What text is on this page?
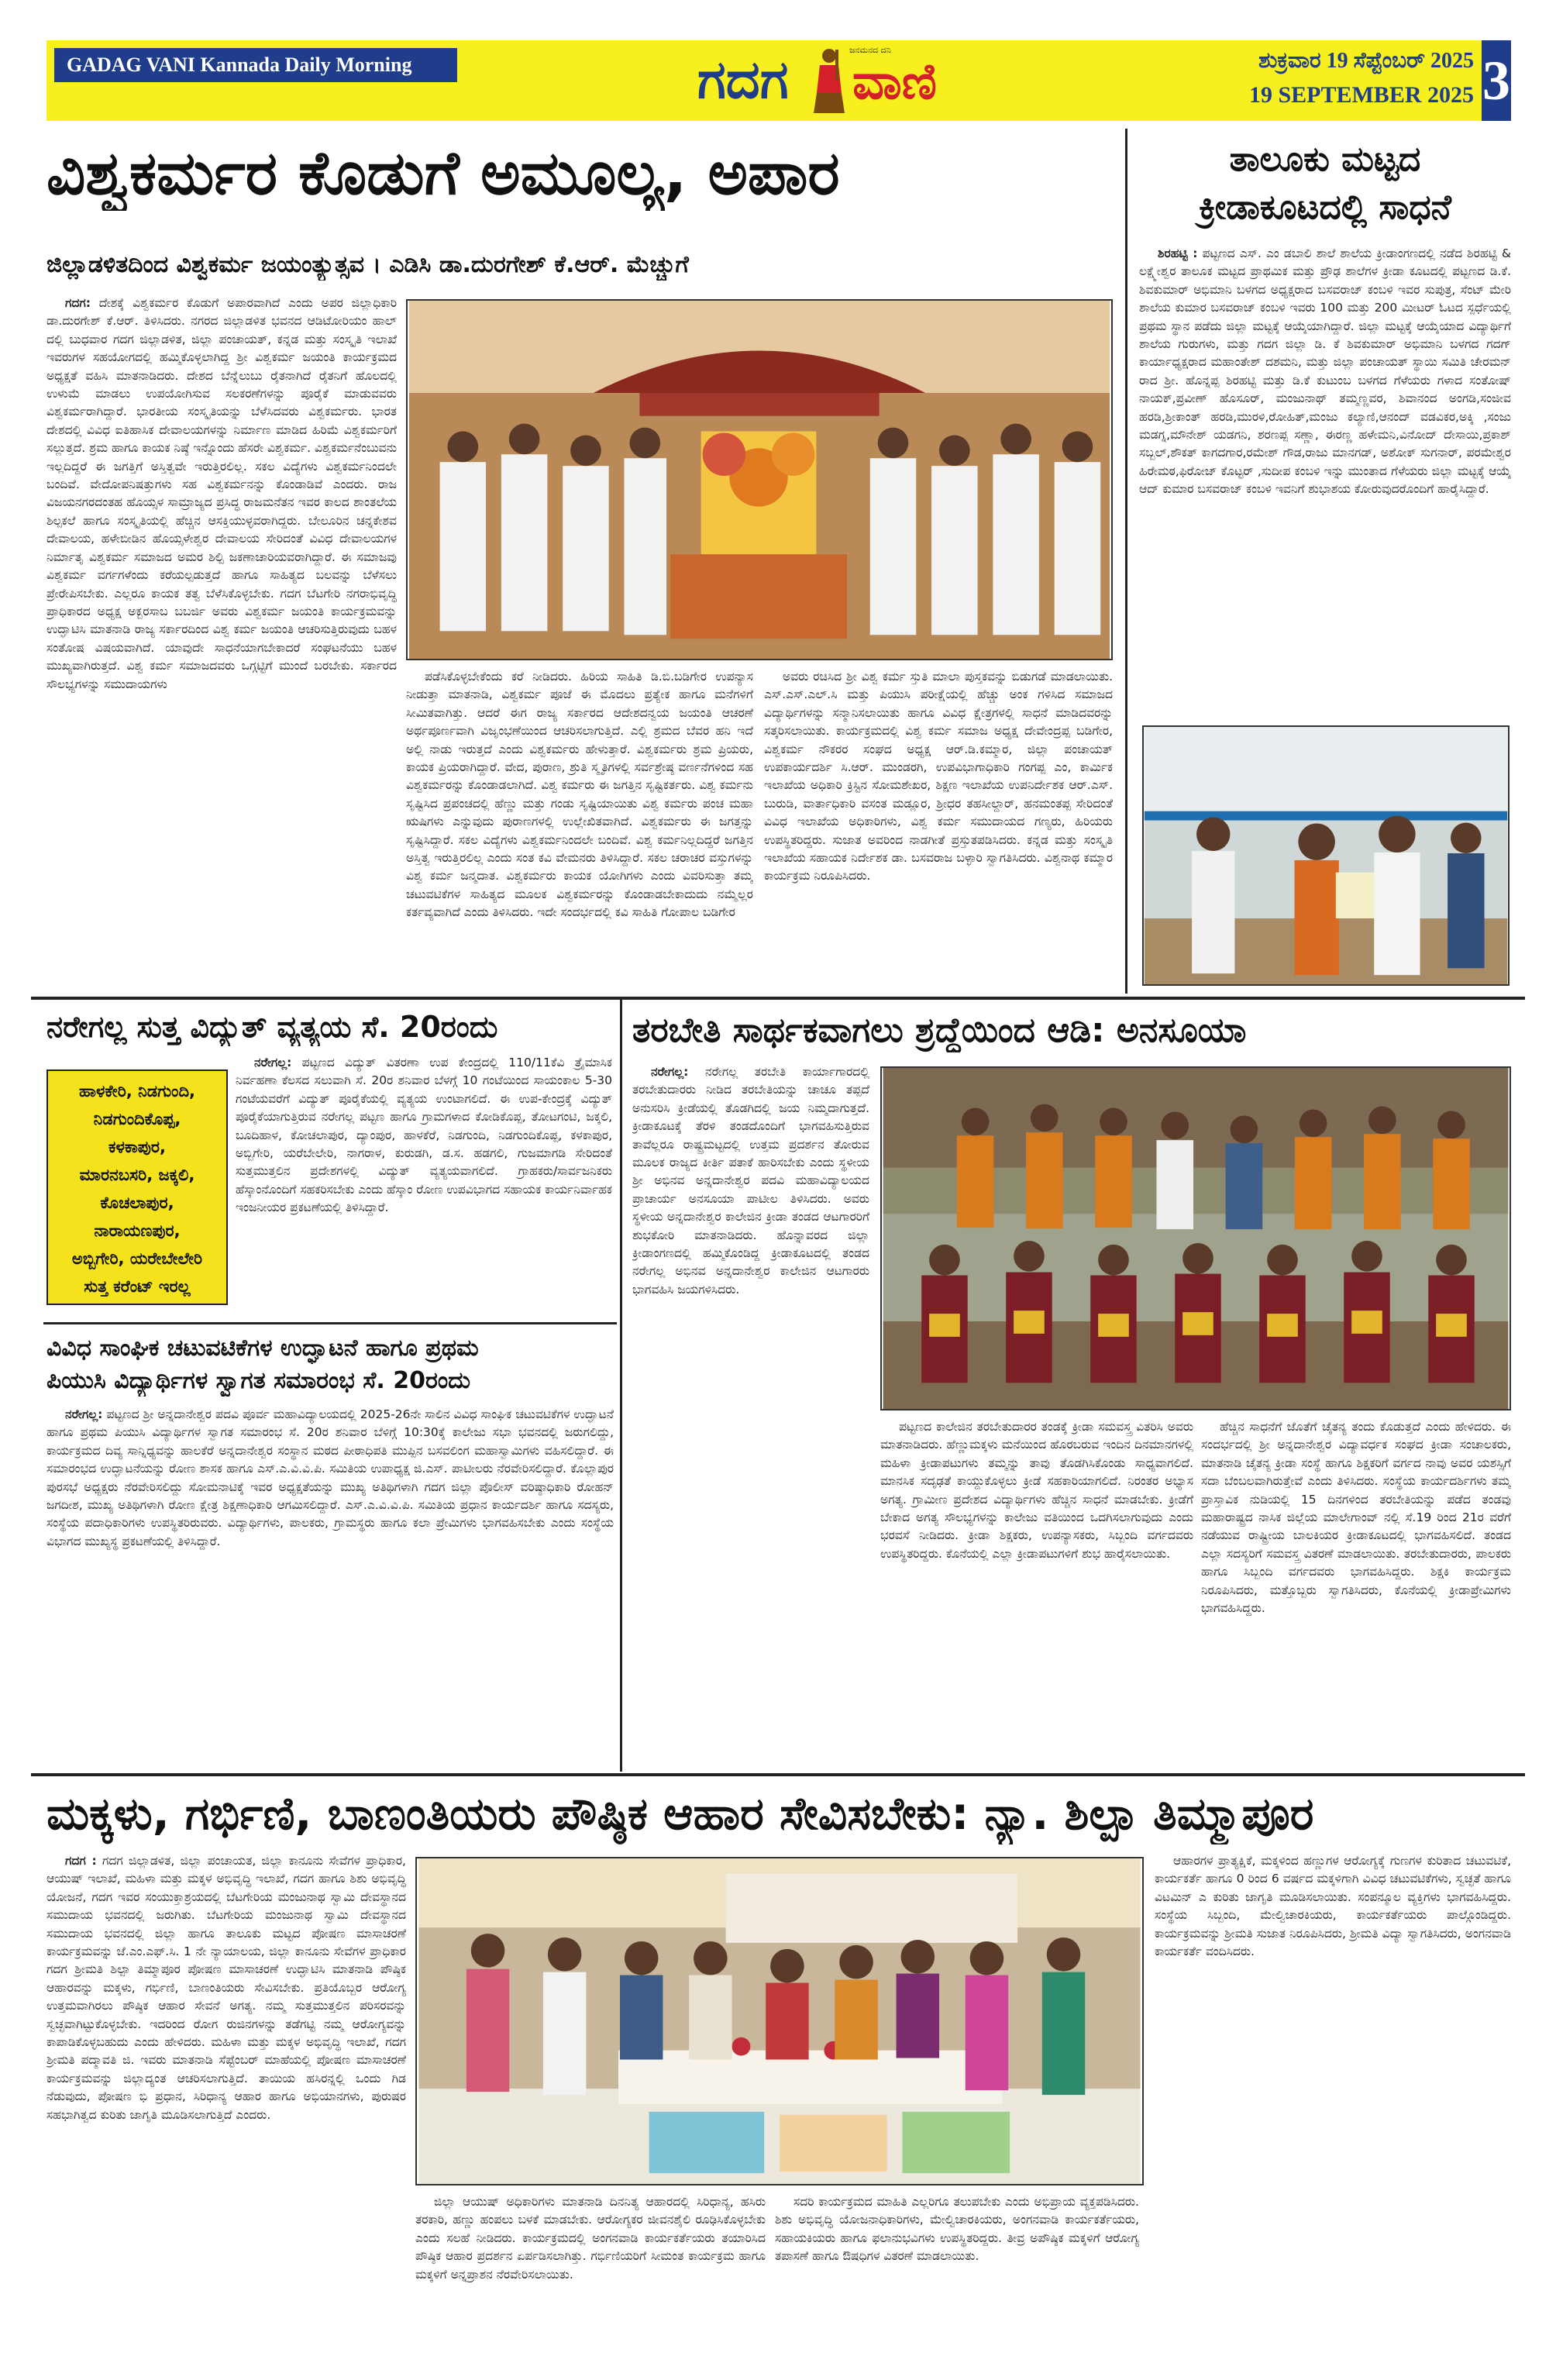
GADAG VANI Kannada Daily Morning	ಗದಗ	ಜನಮನದ ದನಿ
ವಾಣಿ	ಶುಕ್ರವಾರ 19 ಸೆಪ್ಟೆಂಬರ್ 2025
19 SEPTEMBER 2025 3
ವಿಶ್ವಕರ್ಮರ ಕೊಡುಗೆ ಅಮೂಲ್ಯ, ಅಪಾರ
ಜಿಲ್ಲಾಡಳಿತದಿಂದ ವಿಶ್ವಕರ್ಮ ಜಯಂತ್ಯುತ್ಸವ । ಎಡಿಸಿ ಡಾ.ದುರಗೇಶ್ ಕೆ.ಆರ್. ಮೆಚ್ಚುಗೆ

ಗದಗ: ದೇಶಕ್ಕೆ ವಿಶ್ವಕರ್ಮರ ಕೊಡುಗೆ ಅಪಾರವಾಗಿದೆ ಎಂದು ಅಪರ ಜಿಲ್ಲಾಧಿಕಾರಿ ಡಾ.ದುರಗೇಶ್ ಕೆ.ಆರ್. ತಿಳಿಸಿದರು. ನಗರದ ಜಿಲ್ಲಾಡಳಿತ ಭವನದ ಆಡಿಟೋರಿಯಂ ಹಾಲ್ ದಲ್ಲಿ ಬುಧವಾರ ಗದಗ ಜಿಲ್ಲಾಡಳಿತ, ಜಿಲ್ಲಾ ಪಂಚಾಯತ್, ಕನ್ನಡ ಮತ್ತು ಸಂಸ್ಕೃತಿ ಇಲಾಖೆ ಇವರುಗಳ ಸಹಯೋಗದಲ್ಲಿ ಹಮ್ಮಿಕೊಳ್ಳಲಾಗಿದ್ದ ಶ್ರೀ ವಿಶ್ವಕರ್ಮ ಜಯಂತಿ ಕಾರ್ಯಕ್ರಮದ ಅಧ್ಯಕ್ಷತೆ ವಹಿಸಿ ಮಾತನಾಡಿದರು. ದೇಶದ ಬೆನ್ನೆಲುಬು ರೈತನಾಗಿದೆ ರೈತನಿಗೆ ಹೊಲದಲ್ಲಿ ಉಳುಮೆ ಮಾಡಲು ಉಪಯೋಗಿಸುವ ಸಲಕರಣೆಗಳನ್ನು ಪೂರೈಕೆ ಮಾಡುವವರು ವಿಶ್ವಕರ್ಮರಾಗಿದ್ದಾರೆ. ಭಾರತೀಯ ಸಂಸ್ಕೃತಿಯನ್ನು ಬೆಳೆಸಿದವರು ವಿಶ್ವಕರ್ಮರು. ಭಾರತ ದೇಶದಲ್ಲಿ ವಿವಿಧ ಐತಿಹಾಸಿಕ ದೇವಾಲಯಗಳನ್ನು ನಿರ್ಮಾಣ ಮಾಡಿದ ಹಿರಿಮೆ ವಿಶ್ವಕರ್ಮರಿಗೆ ಸಲ್ಲುತ್ತದೆ. ಶ್ರಮ ಹಾಗೂ ಕಾಯಕ ನಿಷ್ಠೆ ಇನ್ನೊಂದು ಹೆಸರೇ ವಿಶ್ವಕರ್ಮ. ವಿಶ್ವಕರ್ಮನೆಂಬುವನು ಇಲ್ಲದಿದ್ದರೆ ಈ ಜಗತ್ತಿಗೆ ಅಸ್ತಿತ್ವವೇ ಇರುತ್ತಿರಲಿಲ್ಲ. ಸಕಲ ವಿದ್ಯೆಗಳು ವಿಶ್ವಕರ್ಮನಿಂದಲೇ ಬಂದಿವೆ. ವೇದೋಪನಿಷತ್ತುಗಳು ಸಹ ವಿಶ್ವಕರ್ಮನನ್ನು ಕೊಂಡಾಡಿವೆ ಎಂದರು. ರಾಜ ವಿಜಯನಗರದಂತಹ ಹೊಯ್ಸಳ ಸಾಮ್ರಾಜ್ಯದ ಪ್ರಸಿದ್ಧ ರಾಜಮನೆತನ ಇವರ ಕಾಲದ ಶಾಂತಲೆಯ ಶಿಲ್ಪಕಲೆ ಹಾಗೂ ಸಂಸ್ಕೃತಿಯಲ್ಲಿ ಹೆಚ್ಚಿನ ಆಸಕ್ತಿಯುಳ್ಳವರಾಗಿದ್ದರು. ಬೇಲೂರಿನ ಚನ್ನಕೇಶವ ದೇವಾಲಯ, ಹಳೇಬೀಡಿನ ಹೊಯ್ಸಳೇಶ್ವರ ದೇವಾಲಯ ಸೇರಿದಂತೆ ವಿವಿಧ ದೇವಾಲಯಗಳ ನಿರ್ಮಾತೃ ವಿಶ್ವಕರ್ಮ ಸಮಾಜದ ಅಮರ ಶಿಲ್ಪಿ ಜಕಣಾಚಾರಿಯವರಾಗಿದ್ದಾರೆ. ಈ ಸಮಾಜವು ವಿಶ್ವಕರ್ಮ ವರ್ಗಗಳೆಂದು ಕರೆಯಲ್ಪಡುತ್ತದೆ ಹಾಗೂ ಸಾಹಿತ್ಯದ ಬಲವನ್ನು ಬೆಳೆಸಲು ಪ್ರೇರೇಪಿಸಬೇಕು. ಎಲ್ಲರೂ ಕಾಯಕ ತತ್ವ ಬೆಳೆಸಿಕೊಳ್ಳಬೇಕು. ಗದಗ ಬೆಟಗೇರಿ ನಗರಾಭಿವೃದ್ಧಿ ಪ್ರಾಧಿಕಾರದ ಅಧ್ಯಕ್ಷ ಅಕ್ಬರಸಾಬ ಬಬರ್ಜಿ ಅವರು ವಿಶ್ವಕರ್ಮ ಜಯಂತಿ ಕಾರ್ಯಕ್ರಮವನ್ನು ಉದ್ಘಾಟಿಸಿ ಮಾತನಾಡಿ ರಾಜ್ಯ ಸರ್ಕಾರದಿಂದ ವಿಶ್ವ ಕರ್ಮ ಜಯಂತಿ ಆಚರಿಸುತ್ತಿರುವುದು ಬಹಳ ಸಂತೋಷ ವಿಷಯವಾಗಿದೆ. ಯಾವುದೇ ಸಾಧನೆಯಾಗಬೇಕಾದರೆ ಸಂಘಟನೆಯು ಬಹಳ ಮುಖ್ಯವಾಗಿರುತ್ತದೆ. ವಿಶ್ವ ಕರ್ಮ ಸಮಾಜದವರು ಒಗ್ಗಟ್ಟಿಗೆ ಮುಂದೆ ಬರಬೇಕು. ಸರ್ಕಾರದ ಸೌಲಭ್ಯಗಳನ್ನು ಸಮುದಾಯಗಳು

ಪಡೆಸಿಕೊಳ್ಳಬೇಕೆಂದು ಕರೆ ನೀಡಿದರು. ಹಿರಿಯ ಸಾಹಿತಿ ಡಿ.ಬಿ.ಬಡಿಗೇರ ಉಪನ್ಯಾಸ ನೀಡುತ್ತಾ ಮಾತನಾಡಿ, ವಿಶ್ವಕರ್ಮ ಪೂಜೆ ಈ ಮೊದಲು ಪ್ರತ್ಯೇಕ ಹಾಗೂ ಮನೆಗಳಿಗೆ ಸೀಮಿತವಾಗಿತ್ತು. ಆದರೆ ಈಗ ರಾಜ್ಯ ಸರ್ಕಾರದ ಆದೇಶದನ್ವಯ ಜಯಂತಿ ಆಚರಣೆ ಅರ್ಥಪೂರ್ಣವಾಗಿ ವಿಜೃಂಭಣೆಯಿಂದ ಆಚರಿಸಲಾಗುತ್ತಿದೆ. ಎಲ್ಲಿ ಶ್ರಮದ ಬೆವರ ಹನಿ ಇದೆ ಅಲ್ಲಿ ನಾಡು ಇರುತ್ತದೆ ಎಂದು ವಿಶ್ವಕರ್ಮರು ಹೇಳುತ್ತಾರೆ. ವಿಶ್ವಕರ್ಮರು ಶ್ರಮ ಪ್ರಿಯರು, ಕಾಯಕ ಪ್ರಿಯರಾಗಿದ್ದಾರೆ. ವೇದ, ಪುರಾಣ, ಶ್ರುತಿ ಸ್ಮೃತಿಗಳಲ್ಲಿ ಸರ್ವಶ್ರೇಷ್ಠ ವರ್ಣನೆಗಳಿಂದ ಸಹ ವಿಶ್ವಕರ್ಮರನ್ನು ಕೊಂಡಾಡಲಾಗಿದೆ. ವಿಶ್ವ ಕರ್ಮರು ಈ ಜಗತ್ತಿನ ಸೃಷ್ಟಿಕರ್ತರು. ವಿಶ್ವ ಕರ್ಮನು ಸೃಷ್ಟಿಸಿದ ಪ್ರಪಂಚದಲ್ಲಿ ಹೆಣ್ಣು ಮತ್ತು ಗಂಡು ಸೃಷ್ಟಿಯಾಯಿತು ವಿಶ್ವ ಕರ್ಮರು ಪಂಚ ಮಹಾ ಋಷಿಗಳು ಎನ್ನುವುದು ಪುರಾಣಗಳಲ್ಲಿ ಉಲ್ಲೇಖಿತವಾಗಿದೆ. ವಿಶ್ವಕರ್ಮರು ಈ ಜಗತ್ತನ್ನು ಸೃಷ್ಟಿಸಿದ್ದಾರೆ. ಸಕಲ ವಿದ್ಯೆಗಳು ವಿಶ್ವಕರ್ಮನಿಂದಲೇ ಬಂದಿವೆ. ವಿಶ್ವ ಕರ್ಮನಿಲ್ಲದಿದ್ದರೆ ಜಗತ್ತಿನ ಅಸ್ತಿತ್ವ ಇರುತ್ತಿರಲಿಲ್ಲ ಎಂದು ಸಂತ ಕವಿ ವೇಮನರು ತಿಳಿಸಿದ್ದಾರೆ. ಸಕಲ ಚರಾಚರ ವಸ್ತುಗಳನ್ನು ವಿಶ್ವ ಕರ್ಮ ಜನ್ಮದಾತ. ವಿಶ್ವಕರ್ಮರು ಕಾಯಕ ಯೋಗಿಗಳು ಎಂದು ವಿವರಿಸುತ್ತಾ ತಮ್ಮ ಚಟುವಟಿಕೆಗಳ ಸಾಹಿತ್ಯದ ಮೂಲಕ ವಿಶ್ವಕರ್ಮರನ್ನು ಕೊಂಡಾಡಬೇಕಾದುದು ನಮ್ಮೆಲ್ಲರ ಕರ್ತವ್ಯವಾಗಿದೆ ಎಂದು ತಿಳಿಸಿದರು. ಇದೇ ಸಂದರ್ಭದಲ್ಲಿ ಕವಿ ಸಾಹಿತಿ ಗೋಪಾಲ ಬಡಿಗೇರ

ಅವರು ರಚಿಸಿದ ಶ್ರೀ ವಿಶ್ವ ಕರ್ಮ ಸ್ತುತಿ ಮಾಲಾ ಪುಸ್ತಕವನ್ನು ಬಿಡುಗಡೆ ಮಾಡಲಾಯಿತು. ಎಸ್.ಎಸ್.ಎಲ್.ಸಿ ಮತ್ತು ಪಿಯುಸಿ ಪರೀಕ್ಷೆಯಲ್ಲಿ ಹೆಚ್ಚು ಅಂಕ ಗಳಿಸಿದ ಸಮಾಜದ ವಿದ್ಯಾರ್ಥಿಗಳನ್ನು ಸನ್ಮಾನಿಸಲಾಯಿತು ಹಾಗೂ ವಿವಿಧ ಕ್ಷೇತ್ರಗಳಲ್ಲಿ ಸಾಧನೆ ಮಾಡಿದವರನ್ನು ಸತ್ಕರಿಸಲಾಯಿತು. ಕಾರ್ಯಕ್ರಮದಲ್ಲಿ ವಿಶ್ವ ಕರ್ಮ ಸಮಾಜ ಅಧ್ಯಕ್ಷ ದೇವೇಂದ್ರಪ್ಪ ಬಡಿಗೇರ, ವಿಶ್ವಕರ್ಮ ನೌಕರರ ಸಂಘದ ಅಧ್ಯಕ್ಷ ಆರ್.ಡಿ.ಕಮ್ಮಾರ, ಜಿಲ್ಲಾ ಪಂಚಾಯತ್ ಉಪಕಾರ್ಯದರ್ಶಿ ಸಿ.ಆರ್. ಮುಂಡರಗಿ, ಉಪವಿಭಾಗಾಧಿಕಾರಿ ಗಂಗಪ್ಪ ಎಂ, ಕಾರ್ಮಿಕ ಇಲಾಖೆಯ ಅಧಿಕಾರಿ ಕ್ರಿಸ್ಟಿನ ಸೋಮಶೇಖರ, ಶಿಕ್ಷಣ ಇಲಾಖೆಯ ಉಪನಿರ್ದೇಶಕ ಆರ್.ಎಸ್. ಬುರುಡಿ, ವಾರ್ತಾಧಿಕಾರಿ ವಸಂತ ಮಡ್ಲೂರ, ಶ್ರೀಧರ ತಹಸೀಲ್ದಾರ್, ಹನಮಂತಪ್ಪ ಸೇರಿದಂತೆ ವಿವಿಧ ಇಲಾಖೆಯ ಅಧಿಕಾರಿಗಳು, ವಿಶ್ವ ಕರ್ಮ ಸಮುದಾಯದ ಗಣ್ಯರು, ಹಿರಿಯರು ಉಪಸ್ಥಿತರಿದ್ದರು. ಸುಜಾತ ಅವರಿಂದ ನಾಡಗೀತೆ ಪ್ರಸ್ತುತಪಡಿಸಿದರು. ಕನ್ನಡ ಮತ್ತು ಸಂಸ್ಕೃತಿ ಇಲಾಖೆಯ ಸಹಾಯಕ ನಿರ್ದೇಶಕ ಡಾ. ಬಸವರಾಜ ಬಳ್ಳಾರಿ ಸ್ವಾಗತಿಸಿದರು. ವಿಶ್ವನಾಥ ಕಮ್ಮಾರ ಕಾರ್ಯಕ್ರಮ ನಿರೂಪಿಸಿದರು.

ತಾಲೂಕು ಮಟ್ಟದ
ಕ್ರೀಡಾಕೂಟದಲ್ಲಿ ಸಾಧನೆ

ಶಿರಹಟ್ಟಿ : ಪಟ್ಟಣದ ಎಸ್. ಎಂ ಡಬಾಲಿ ಶಾಲೆ ಶಾಲೆಯ ಕ್ರೀಡಾಂಗಣದಲ್ಲಿ ನಡೆದ ಶಿರಹಟ್ಟಿ & ಲಕ್ಷ್ಮೇಶ್ವರ ತಾಲೂಕ ಮಟ್ಟದ ಪ್ರಾಥಮಿಕ ಮತ್ತು ಪ್ರೌಢ ಶಾಲೆಗಳ ಕ್ರೀಡಾ ಕೂಟದಲ್ಲಿ ಪಟ್ಟಣದ ಡಿ.ಕೆ. ಶಿವಕುಮಾರ್ ಅಭಿಮಾನಿ ಬಳಗದ ಅಧ್ಯಕ್ಷರಾದ ಬಸವರಾಜ್ ಕಂಬಳಿ ಇವರ ಸುಪುತ್ರ, ಸೆಂಟ್ ಮೇರಿ ಶಾಲೆಯ ಕುಮಾರ ಬಸವರಾಜ್ ಕಂಬಳಿ ಇವರು 100 ಮತ್ತು 200 ಮೀಟರ್ ಓಟದ ಸ್ಪರ್ಧೆಯಲ್ಲಿ ಪ್ರಥಮ ಸ್ಥಾನ ಪಡೆದು ಜಿಲ್ಲಾ ಮಟ್ಟಕ್ಕೆ ಆಯ್ಕೆಯಾಗಿದ್ದಾರೆ. ಜಿಲ್ಲಾ ಮಟ್ಟಕ್ಕೆ ಆಯ್ಕೆಯಾದ ವಿದ್ಯಾರ್ಥಿಗೆ ಶಾಲೆಯ ಗುರುಗಳು, ಮತ್ತು ಗದಗ ಜಿಲ್ಲಾ ಡಿ. ಕೆ ಶಿವಕುಮಾರ್ ಅಭಿಮಾನಿ ಬಳಗದ ಗದಗ್ ಕಾರ್ಯಾಧ್ಯಕ್ಷರಾದ ಮಹಾಂತೇಶ್ ದಶಮನಿ, ಮತ್ತು ಜಿಲ್ಲಾ ಪಂಚಾಯತ್ ಸ್ಥಾಯಿ ಸಮಿತಿ ಚೇರಮನ್ ರಾದ ಶ್ರೀ. ಹೊನ್ನಪ್ಪ ಶಿರಹಟ್ಟಿ ಮತ್ತು ಡಿ.ಕೆ ಕುಟುಂಬ ಬಳಗದ ಗೆಳೆಯರು ಗಳಾದ ಸಂತೋಷ್ ನಾಯಕ್,ಪ್ರವೀಣ್ ಹೊಸೂರ್, ಮಂಜುನಾಥ್ ತಮ್ಮಣ್ಣವರ, ಶಿವಾನಂದ ಅಂಗಡಿ,ಸಂಜೀವ ಹರಡಿ,ಶ್ರೀಕಾಂತ್ ಹರಡಿ,ಮುರಳಿ,ರೋಹಿತ್,ಮಂಜು ಕಲ್ಯಾಣಿ,ಆನಂದ್ ವಡವಿಕರ,ಅಕ್ಕಿ ,ಸಂಜು ಮಡಗ್ನ,ಮೌನೇಶ್ ಯಡಗನಿ, ಶರಣಪ್ಪ ಸಣ್ಣಾ, ಈರಣ್ಣ ಹಳೇಮನಿ,ವಿನೋದ್ ದೇಸಾಯಿ,ಪ್ರಕಾಶ್ ಸಬ್ಬಲ್,ಶೌಕತ್ ಕಾಗದಗಾರ,ರಮೇಶ್ ಗೌಡ,ರಾಜು ಮಾನಗಡ್, ಅಶೋಕ್ ಸುಗನಾರ್, ಪರಮೇಶ್ವರ ಹಿರೇಮಠ,ಫಿರೋಜ್ ಕೊಟ್ಟರ್ ,ಸುದೀಪ ಕಂಬಳಿ ಇನ್ನು ಮುಂತಾದ ಗೆಳೆಯರು ಜಿಲ್ಲಾ ಮಟ್ಟಕ್ಕೆ ಆಯ್ಕೆ ಆದ್ ಕುಮಾರ ಬಸವರಾಜ್ ಕಂಬಳಿ ಇವನಿಗೆ ಶುಭಾಶಯ ಕೋರುವುದರೊಂದಿಗೆ ಹಾರೈಸಿದ್ದಾರೆ.

ನರೇಗಲ್ಲ ಸುತ್ತ ವಿದ್ಯುತ್ ವ್ಯತ್ಯಯ ಸೆ. 20ರಂದು
ಹಾಳಕೇರಿ, ನಿಡಗುಂದಿ,
ನಿಡಗುಂದಿಕೊಪ್ಪ,
ಕಳಕಾಪುರ,
ಮಾರನಬಸರಿ, ಜಕ್ಕಲಿ,
ಕೊಚಲಾಪುರ,
ನಾರಾಯಣಪುರ,
ಅಬ್ಬಿಗೇರಿ, ಯರೇಬೇಲೇರಿ
ಸುತ್ತ ಕರೆಂಟ್ ಇರಲ್ಲ

ನರೇಗಲ್ಲ: ಪಟ್ಟಣದ ವಿದ್ಯುತ್ ವಿತರಣಾ ಉಪ ಕೇಂದ್ರದಲ್ಲಿ 110/11ಕೆವಿ ತ್ರೈಮಾಸಿಕ ನಿರ್ವಹಣಾ ಕೆಲಸದ ಸಲುವಾಗಿ ಸೆ. 20ರ ಶನಿವಾರ ಬೆಳಗ್ಗೆ 10 ಗಂಟೆಯಿಂದ ಸಾಯಂಕಾಲ 5-30 ಗಂಟೆಯವರೆಗೆ ವಿದ್ಯುತ್ ಪೂರೈಕೆಯಲ್ಲಿ ವ್ಯತ್ಯಯ ಉಂಟಾಗಲಿದೆ. ಈ ಉಪ-ಕೇಂದ್ರಕ್ಕೆ ವಿದ್ಯುತ್ ಪೂರೈಕೆಯಾಗುತ್ತಿರುವ ನರೇಗಲ್ಲ ಪಟ್ಟಣ ಹಾಗೂ ಗ್ರಾಮಗಳಾದ ಕೋಡಿಕೊಪ್ಪ, ತೋಟಗಂಟಿ, ಜಕ್ಕಲಿ, ಬೂದಿಹಾಳ, ಕೋಚಲಾಪುರ, ದ್ಯಾಂಪುರ, ಹಾಳಕೆರೆ, ನಿಡಗುಂದಿ, ನಿಡಗುಂದಿಕೊಪ್ಪ, ಕಳಕಾಪುರ, ಅಬ್ಬಿಗೇರಿ, ಯರೆಬೇಲೇರಿ, ನಾಗರಾಳ, ಕುರುಡಗಿ, ಡ.ಸ. ಹಡಗಲಿ, ಗುಜಮಾಗಡಿ ಸೇರಿದಂತೆ ಸುತ್ತಮುತ್ತಲಿನ ಪ್ರದೇಶಗಳಲ್ಲಿ ವಿದ್ಯುತ್ ವ್ಯತ್ಯಯವಾಗಲಿದೆ. ಗ್ರಾಹಕರು/ಸಾರ್ವಜನಿಕರು ಹೆಸ್ಕಾಂನೊಂದಿಗೆ ಸಹಕರಿಸಬೇಕು ಎಂದು ಹೆಸ್ಕಾಂ ರೋಣ ಉಪವಿಭಾಗದ ಸಹಾಯಕ ಕಾರ್ಯನಿರ್ವಾಹಕ ಇಂಜನೀಯರ ಪ್ರಕಟಣೆಯಲ್ಲಿ ತಿಳಿಸಿದ್ದಾರೆ.

ವಿವಿಧ ಸಾಂಘಿಕ ಚಟುವಟಿಕೆಗಳ ಉದ್ಘಾಟನೆ ಹಾಗೂ ಪ್ರಥಮ
ಪಿಯುಸಿ ವಿದ್ಯಾರ್ಥಿಗಳ ಸ್ವಾಗತ ಸಮಾರಂಭ ಸೆ. 20ರಂದು

ನರೇಗಲ್ಲ: ಪಟ್ಟಣದ ಶ್ರೀ ಅನ್ನದಾನೇಶ್ವರ ಪದವಿ ಪೂರ್ವ ಮಹಾವಿದ್ಯಾಲಯದಲ್ಲಿ 2025-26ನೇ ಸಾಲಿನ ವಿವಿಧ ಸಾಂಘಿಕ ಚಟುವಟಿಕೆಗಳ ಉದ್ಘಾಟನೆ ಹಾಗೂ ಪ್ರಥಮ ಪಿಯುಸಿ ವಿದ್ಯಾರ್ಥಿಗಳ ಸ್ವಾಗತ ಸಮಾರಂಭ ಸೆ. 20ರ ಶನಿವಾರ ಬೆಳಿಗ್ಗೆ 10:30ಕ್ಕೆ ಕಾಲೇಜು ಸಭಾ ಭವನದಲ್ಲಿ ಜರುಗಲಿದ್ದು, ಕಾರ್ಯಕ್ರಮದ ದಿವ್ಯ ಸಾನ್ನಿಧ್ಯವನ್ನು ಹಾಲಕೆರೆ ಅನ್ನದಾನೇಶ್ವರ ಸಂಸ್ಥಾನ ಮಠದ ಪೀಠಾಧಿಪತಿ ಮುಪ್ಪಿನ ಬಸವಲಿಂಗ ಮಹಾಸ್ವಾಮಿಗಳು ವಹಿಸಲಿದ್ದಾರೆ. ಈ ಸಮಾರಂಭದ ಉದ್ಘಾಟನೆಯನ್ನು ರೋಣ ಶಾಸಕ ಹಾಗೂ ಎಸ್.ಎ.ವಿ.ವಿ.ಪಿ. ಸಮಿತಿಯ ಉಪಾಧ್ಯಕ್ಷ ಜಿ.ಎಸ್. ಪಾಟೀಲರು ನೆರವೇರಿಸಲಿದ್ದಾರೆ. ಕೊಲ್ಲಾಪುರ ಪುರಸಭೆ ಅಧ್ಯಕ್ಷರು ನೆರವೇರಿಸಲಿದ್ದು ಸೋಮನಾಟಿಕ್ಕೆ ಇವರ ಅಧ್ಯಕ್ಷತೆಯನ್ನು ಮುಖ್ಯ ಅತಿಥಿಗಳಾಗಿ ಗದಗ ಜಿಲ್ಲಾ ಪೊಲೀಸ್ ವರಿಷ್ಠಾಧಿಕಾರಿ ರೋಹನ್ ಜಗದೀಶ, ಮುಖ್ಯ ಅತಿಥಿಗಳಾಗಿ ರೋಣ ಕ್ಷೇತ್ರ ಶಿಕ್ಷಣಾಧಿಕಾರಿ ಆಗಮಿಸಲಿದ್ದಾರೆ. ಎಸ್.ಎ.ವಿ.ವಿ.ಪಿ. ಸಮಿತಿಯ ಪ್ರಧಾನ ಕಾರ್ಯದರ್ಶಿ ಹಾಗೂ ಸದಸ್ಯರು, ಸಂಸ್ಥೆಯ ಪದಾಧಿಕಾರಿಗಳು ಉಪಸ್ಥಿತರಿರುವರು. ವಿದ್ಯಾರ್ಥಿಗಳು, ಪಾಲಕರು, ಗ್ರಾಮಸ್ಥರು ಹಾಗೂ ಕಲಾ ಪ್ರೇಮಿಗಳು ಭಾಗವಹಿಸಬೇಕು ಎಂದು ಸಂಸ್ಥೆಯ ವಿಭಾಗದ ಮುಖ್ಯಸ್ಥ ಪ್ರಕಟಣೆಯಲ್ಲಿ ತಿಳಿಸಿದ್ದಾರೆ.

ತರಬೇತಿ ಸಾರ್ಥಕವಾಗಲು ಶ್ರದ್ಧೆಯಿಂದ ಆಡಿ: ಅನಸೂಯಾ

ನರೇಗಲ್ಲ: ನರೇಗಲ್ಲ ತರಬೇತಿ ಕಾರ್ಯಾಗಾರದಲ್ಲಿ ತರಬೇತುದಾರರು ನೀಡಿದ ತರಬೇತಿಯನ್ನು ಚಾಚೂ ತಪ್ಪದೆ ಅನುಸರಿಸಿ ಕ್ರೀಡೆಯಲ್ಲಿ ತೊಡಗಿದಲ್ಲಿ ಜಯ ನಿಮ್ಮದಾಗುತ್ತದೆ. ಕ್ರೀಡಾಕೂಟಕ್ಕೆ ತೆರಳಿ ತಂಡದೊಂದಿಗೆ ಭಾಗವಹಿಸುತ್ತಿರುವ ತಾವೆಲ್ಲರೂ ರಾಷ್ಟ್ರಮಟ್ಟದಲ್ಲಿ ಉತ್ತಮ ಪ್ರದರ್ಶನ ತೋರುವ ಮೂಲಕ ರಾಜ್ಯದ ಕೀರ್ತಿ ಪತಾಕೆ ಹಾರಿಸಬೇಕು ಎಂದು ಸ್ಥಳೀಯ ಶ್ರೀ ಅಭಿನವ ಅನ್ನದಾನೇಶ್ವರ ಪದವಿ ಮಹಾವಿದ್ಯಾಲಯದ ಪ್ರಾಚಾರ್ಯ ಅನಸೂಯಾ ಪಾಟೀಲ ತಿಳಿಸಿದರು. ಅವರು ಸ್ಥಳೀಯ ಅನ್ನದಾನೇಶ್ವರ ಕಾಲೇಜಿನ ಕ್ರೀಡಾ ತಂಡದ ಆಟಗಾರರಿಗೆ ಶುಭಕೋರಿ ಮಾತನಾಡಿದರು. ಹೊನ್ನಾವರದ ಜಿಲ್ಲಾ ಕ್ರೀಡಾಂಗಣದಲ್ಲಿ ಹಮ್ಮಿಕೊಂಡಿದ್ದ ಕ್ರೀಡಾಕೂಟದಲ್ಲಿ ತಂಡದ ನರೇಗಲ್ಲ ಅಭಿನವ ಅನ್ನದಾನೇಶ್ವರ ಕಾಲೇಜಿನ ಆಟಗಾರರು ಭಾಗವಹಿಸಿ ಜಯಗಳಿಸಿದರು.

ಪಟ್ಟಣದ ಕಾಲೇಜಿನ ತರಬೇತುದಾರರ ತಂಡಕ್ಕೆ ಕ್ರೀಡಾ ಸಮವಸ್ತ್ರ ವಿತರಿಸಿ ಅವರು ಮಾತನಾಡಿದರು. ಹೆಣ್ಣುಮಕ್ಕಳು ಮನೆಯಿಂದ ಹೊರಬರುವ ಇಂದಿನ ದಿನಮಾನಗಳಲ್ಲಿ ಮಹಿಳಾ ಕ್ರೀಡಾಪಟುಗಳು ತಮ್ಮನ್ನು ತಾವು ತೊಡಗಿಸಿಕೊಂಡು ಸಾಧ್ಯವಾಗಲಿದೆ. ಮಾನಸಿಕ ಸದೃಢತೆ ಕಾಯ್ದುಕೊಳ್ಳಲು ಕ್ರೀಡೆ ಸಹಕಾರಿಯಾಗಲಿದೆ. ನಿರಂತರ ಅಭ್ಯಾಸ ಅಗತ್ಯ. ಗ್ರಾಮೀಣ ಪ್ರದೇಶದ ವಿದ್ಯಾರ್ಥಿಗಳು ಹೆಚ್ಚಿನ ಸಾಧನೆ ಮಾಡಬೇಕು. ಕ್ರೀಡೆಗೆ ಬೇಕಾದ ಅಗತ್ಯ ಸೌಲಭ್ಯಗಳನ್ನು ಕಾಲೇಜು ವತಿಯಿಂದ ಒದಗಿಸಲಾಗುವುದು ಎಂದು ಭರವಸೆ ನೀಡಿದರು. ಕ್ರೀಡಾ ಶಿಕ್ಷಕರು, ಉಪನ್ಯಾಸಕರು, ಸಿಬ್ಬಂದಿ ವರ್ಗದವರು ಉಪಸ್ಥಿತರಿದ್ದರು. ಕೊನೆಯಲ್ಲಿ ಎಲ್ಲಾ ಕ್ರೀಡಾಪಟುಗಳಿಗೆ ಶುಭ ಹಾರೈಸಲಾಯಿತು.

ಹೆಚ್ಚಿನ ಸಾಧನೆಗೆ ಜೊತೆಗೆ ಚೈತನ್ಯ ತಂದು ಕೊಡುತ್ತದೆ ಎಂದು ಹೇಳಿದರು. ಈ ಸಂದರ್ಭದಲ್ಲಿ ಶ್ರೀ ಅನ್ನದಾನೇಶ್ವರ ವಿದ್ಯಾವರ್ಧಕ ಸಂಘದ ಕ್ರೀಡಾ ಸಂಚಾಲಕರು, ಮಾತನಾಡಿ ಚೈತನ್ಯ ಕ್ರೀಡಾ ಸಂಸ್ಥೆ ಹಾಗೂ ಶಿಕ್ಷಕರಿಗೆ ವರ್ಗದ ನಾವು ಅವರ ಯಶಸ್ಸಿಗೆ ಸದಾ ಬೆಂಬಲವಾಗಿರುತ್ತೇವೆ ಎಂದು ತಿಳಿಸಿದರು. ಸಂಸ್ಥೆಯ ಕಾರ್ಯದರ್ಶಿಗಳು ತಮ್ಮ ಪ್ರಾಸ್ತಾವಿಕ ನುಡಿಯಲ್ಲಿ 15 ದಿನಗಳಿಂದ ತರಬೇತಿಯನ್ನು ಪಡೆದ ತಂಡವು ಮಹಾರಾಷ್ಟ್ರದ ನಾಸಿಕ ಜಿಲ್ಲೆಯ ಮಾಲೇಗಾಂವ್ ನಲ್ಲಿ ಸೆ.19 ರಿಂದ 21ರ ವರೆಗೆ ನಡೆಯುವ ರಾಷ್ಟ್ರೀಯ ಬಾಲಕಿಯರ ಕ್ರೀಡಾಕೂಟದಲ್ಲಿ ಭಾಗವಹಿಸಲಿದೆ. ತಂಡದ ಎಲ್ಲಾ ಸದಸ್ಯರಿಗೆ ಸಮವಸ್ತ್ರ ವಿತರಣೆ ಮಾಡಲಾಯಿತು. ತರಬೇತುದಾರರು, ಪಾಲಕರು ಹಾಗೂ ಸಿಬ್ಬಂದಿ ವರ್ಗದವರು ಭಾಗವಹಿಸಿದ್ದರು. ಶಿಕ್ಷಕಿ ಕಾರ್ಯಕ್ರಮ ನಿರೂಪಿಸಿದರು, ಮತ್ತೊಬ್ಬರು ಸ್ವಾಗತಿಸಿದರು, ಕೊನೆಯಲ್ಲಿ ಕ್ರೀಡಾಪ್ರೇಮಿಗಳು ಭಾಗವಹಿಸಿದ್ದರು.

ಮಕ್ಕಳು, ಗರ್ಭಿಣಿ, ಬಾಣಂತಿಯರು ಪೌಷ್ಠಿಕ ಆಹಾರ ಸೇವಿಸಬೇಕು: ನ್ಯಾ. ಶಿಲ್ಪಾ ತಿಮ್ಮಾಪೂರ

ಗದಗ : ಗದಗ ಜಿಲ್ಲಾಡಳಿತ, ಜಿಲ್ಲಾ ಪಂಚಾಯತ, ಜಿಲ್ಲಾ ಕಾನೂನು ಸೇವೆಗಳ ಪ್ರಾಧಿಕಾರ, ಆಯುಷ್ ಇಲಾಖೆ, ಮಹಿಳಾ ಮತ್ತು ಮಕ್ಕಳ ಅಭಿವೃದ್ಧಿ ಇಲಾಖೆ, ಗದಗ ಹಾಗೂ ಶಿಶು ಅಭಿವೃದ್ಧಿ ಯೋಜನೆ, ಗದಗ ಇವರ ಸಂಯುಕ್ತಾಶ್ರಯದಲ್ಲಿ ಬೆಟಗೇರಿಯ ಮಂಜುನಾಥ ಸ್ವಾಮಿ ದೇವಸ್ಥಾನದ ಸಮುದಾಯ ಭವನದಲ್ಲಿ ಜರುಗಿತು. ಬೆಟಗೇರಿಯ ಮಂಜುನಾಥ ಸ್ವಾಮಿ ದೇವಸ್ಥಾನದ ಸಮುದಾಯ ಭವನದಲ್ಲಿ ಜಿಲ್ಲಾ ಹಾಗೂ ತಾಲೂಕು ಮಟ್ಟದ ಪೋಷಣ ಮಾಸಾಚರಣೆ ಕಾರ್ಯಕ್ರಮವನ್ನು ಜೆ.ಎಂ.ಎಫ್.ಸಿ. 1 ನೇ ನ್ಯಾಯಾಲಯ, ಜಿಲ್ಲಾ ಕಾನೂನು ಸೇವೆಗಳ ಪ್ರಾಧಿಕಾರ ಗದಗ ಶ್ರೀಮತಿ ಶಿಲ್ಪಾ ತಿಮ್ಮಾಪೂರ ಪೋಷಣ ಮಾಸಾಚರಣೆ ಉದ್ಘಾಟಿಸಿ ಮಾತನಾಡಿ ಪೌಷ್ಠಿಕ ಆಹಾರವನ್ನು ಮಕ್ಕಳು, ಗರ್ಭಿಣಿ, ಬಾಣಂತಿಯರು ಸೇವಿಸಬೇಕು. ಪ್ರತಿಯೊಬ್ಬರ ಆರೋಗ್ಯ ಉತ್ತಮವಾಗಿರಲು ಪೌಷ್ಠಿಕ ಆಹಾರ ಸೇವನೆ ಅಗತ್ಯ. ನಮ್ಮ ಸುತ್ತಮುತ್ತಲಿನ ಪರಿಸರವನ್ನು ಸ್ವಚ್ಛವಾಗಿಟ್ಟುಕೊಳ್ಳಬೇಕು. ಇದರಿಂದ ರೋಗ ರುಜಿನಗಳನ್ನು ತಡೆಗಟ್ಟಿ ನಮ್ಮ ಆರೋಗ್ಯವನ್ನು ಕಾಪಾಡಿಕೊಳ್ಳಬಹುದು ಎಂದು ಹೇಳಿದರು. ಮಹಿಳಾ ಮತ್ತು ಮಕ್ಕಳ ಅಭಿವೃದ್ಧಿ ಇಲಾಖೆ, ಗದಗ ಶ್ರೀಮತಿ ಪದ್ಮಾವತಿ ಜಿ. ಇವರು ಮಾತನಾಡಿ ಸೆಪ್ಟೆಂಬರ್ ಮಾಹೆಯಲ್ಲಿ ಪೋಷಣ ಮಾಸಾಚರಣೆ ಕಾರ್ಯಕ್ರಮವನ್ನು ಜಿಲ್ಲಾದ್ಯಂತ ಆಚರಿಸಲಾಗುತ್ತಿದೆ. ತಾಯಿಯ ಹಸಿರನ್ನಲ್ಲಿ ಒಂದು ಗಿಡ ನೆಡುವುದು, ಪೋಷಣ ಭಿ ಪ್ರಧಾನ, ಸಿರಿಧಾನ್ಯ ಆಹಾರ ಹಾಗೂ ಅಭಿಯಾನಗಳು, ಪುರುಷರ ಸಹಭಾಗಿತ್ವದ ಕುರಿತು ಜಾಗೃತಿ ಮೂಡಿಸಲಾಗುತ್ತಿದೆ ಎಂದರು.

ಜಿಲ್ಲಾ ಆಯುಷ್ ಅಧಿಕಾರಿಗಳು ಮಾತನಾಡಿ ದಿನನಿತ್ಯ ಆಹಾರದಲ್ಲಿ ಸಿರಿಧಾನ್ಯ, ಹಸಿರು ತರಕಾರಿ, ಹಣ್ಣು ಹಂಪಲು ಬಳಕೆ ಮಾಡಬೇಕು. ಆರೋಗ್ಯಕರ ಜೀವನಶೈಲಿ ರೂಢಿಸಿಕೊಳ್ಳಬೇಕು ಎಂದು ಸಲಹೆ ನೀಡಿದರು. ಕಾರ್ಯಕ್ರಮದಲ್ಲಿ ಅಂಗನವಾಡಿ ಕಾರ್ಯಕರ್ತೆಯರು ತಯಾರಿಸಿದ ಪೌಷ್ಠಿಕ ಆಹಾರ ಪ್ರದರ್ಶನ ಏರ್ಪಡಿಸಲಾಗಿತ್ತು. ಗರ್ಭಿಣಿಯರಿಗೆ ಸೀಮಂತ ಕಾರ್ಯಕ್ರಮ ಹಾಗೂ ಮಕ್ಕಳಿಗೆ ಅನ್ನಪ್ರಾಶನ ನೆರವೇರಿಸಲಾಯಿತು.

ಸದರಿ ಕಾರ್ಯಕ್ರಮದ ಮಾಹಿತಿ ಎಲ್ಲರಿಗೂ ತಲುಪಬೇಕು ಎಂದು ಅಭಿಪ್ರಾಯ ವ್ಯಕ್ತಪಡಿಸಿದರು. ಶಿಶು ಅಭಿವೃದ್ಧಿ ಯೋಜನಾಧಿಕಾರಿಗಳು, ಮೇಲ್ವಿಚಾರಕಿಯರು, ಅಂಗನವಾಡಿ ಕಾರ್ಯಕರ್ತೆಯರು, ಸಹಾಯಕಿಯರು ಹಾಗೂ ಫಲಾನುಭವಿಗಳು ಉಪಸ್ಥಿತರಿದ್ದರು. ತೀವ್ರ ಅಪೌಷ್ಠಿಕ ಮಕ್ಕಳಿಗೆ ಆರೋಗ್ಯ ತಪಾಸಣೆ ಹಾಗೂ ಔಷಧಿಗಳ ವಿತರಣೆ ಮಾಡಲಾಯಿತು.

ಆಹಾರಗಳ ಪ್ರಾತ್ಯಕ್ಷಿಕೆ, ಮಕ್ಕಳಿಂದ ಹಣ್ಣುಗಳ ಆರೋಗ್ಯಕ್ಕೆ ಗುಣಗಳ ಕುರಿತಾದ ಚಟುವಟಿಕೆ, ಕಾರ್ಯಕರ್ತೆ ಹಾಗೂ 0 ರಿಂದ 6 ವರ್ಷದ ಮಕ್ಕಳಿಗಾಗಿ ವಿವಿಧ ಚಟುವಟಿಕೆಗಳು, ಸ್ವಚ್ಛತೆ ಹಾಗೂ ವಿಟಮಿನ್ ಎ ಕುರಿತು ಜಾಗೃತಿ ಮೂಡಿಸಲಾಯಿತು. ಸಂಪನ್ಮೂಲ ವ್ಯಕ್ತಿಗಳು ಭಾಗವಹಿಸಿದ್ದರು. ಸಂಸ್ಥೆಯ ಸಿಬ್ಬಂದಿ, ಮೇಲ್ವಿಚಾರಕಿಯರು, ಕಾರ್ಯಕರ್ತೆಯರು ಪಾಲ್ಗೊಂಡಿದ್ದರು. ಕಾರ್ಯಕ್ರಮವನ್ನು ಶ್ರೀಮತಿ ಸುಜಾತ ನಿರೂಪಿಸಿದರು, ಶ್ರೀಮತಿ ವಿದ್ಯಾ ಸ್ವಾಗತಿಸಿದರು, ಅಂಗನವಾಡಿ ಕಾರ್ಯಕರ್ತೆ ವಂದಿಸಿದರು.
